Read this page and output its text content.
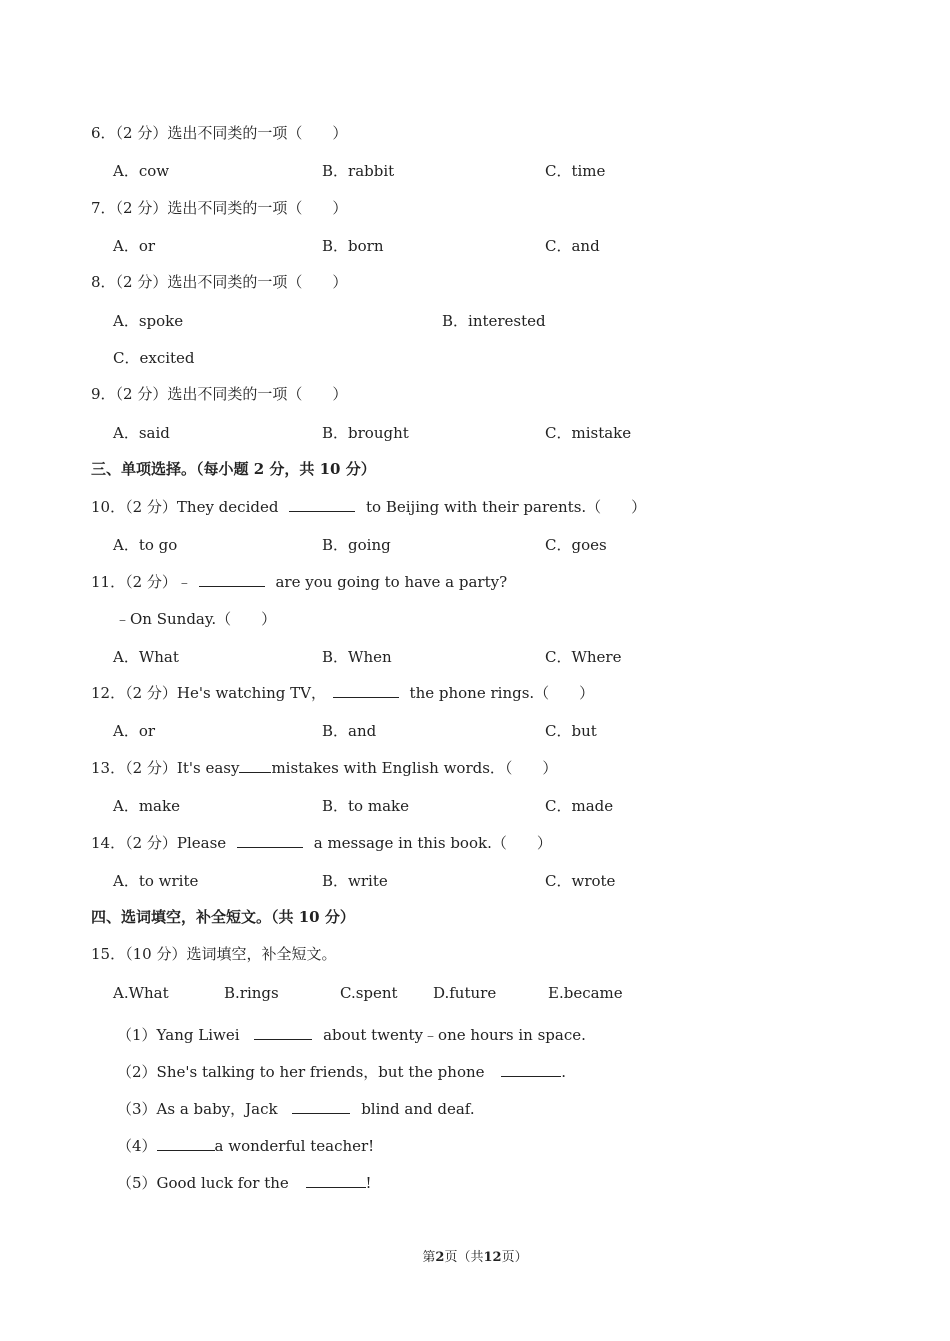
6．（2 分）选出不同类的一项（　　）
A．cow	B．rabbit	C．time
7．（2 分）选出不同类的一项（　　）
A．or	B．born	C．and
8．（2 分）选出不同类的一项（　　）
A．spoke	B．interested
C．excited
9．（2 分）选出不同类的一项（　　）
A．said	B．brought	C．mistake
三、单项选择。（每小题 2 分，共 10 分）
10．（2 分）They decided	to Beijing with their parents.（　　）
A．to go	B．going	C．goes
11．（2 分）﹣	are you going to have a party?
﹣On Sunday.（　　）
A．What	B．When	C．Where
12．（2 分）He's watching TV，	the phone rings.（　　）
A．or	B．and	C．but
13．（2 分）It's easy mistakes with English words．（　　）
A．make	B．to make	C．made
14．（2 分）Please	a message in this book.（　　）
A．to write	B．write	C．wrote
四、选词填空，补全短文。（共 10 分）
15．（10 分）选词填空，补全短文。
A.What	B.rings	C.spent D.future	E.became
（1）Yang Liwei	about twenty﹣one hours in space.
（2）She's talking to her friends，but the phone	.
（3）As a baby，Jack	blind and deaf.
（4）	a wonderful teacher!
（5）Good luck for the	!
第2页（共12页）
